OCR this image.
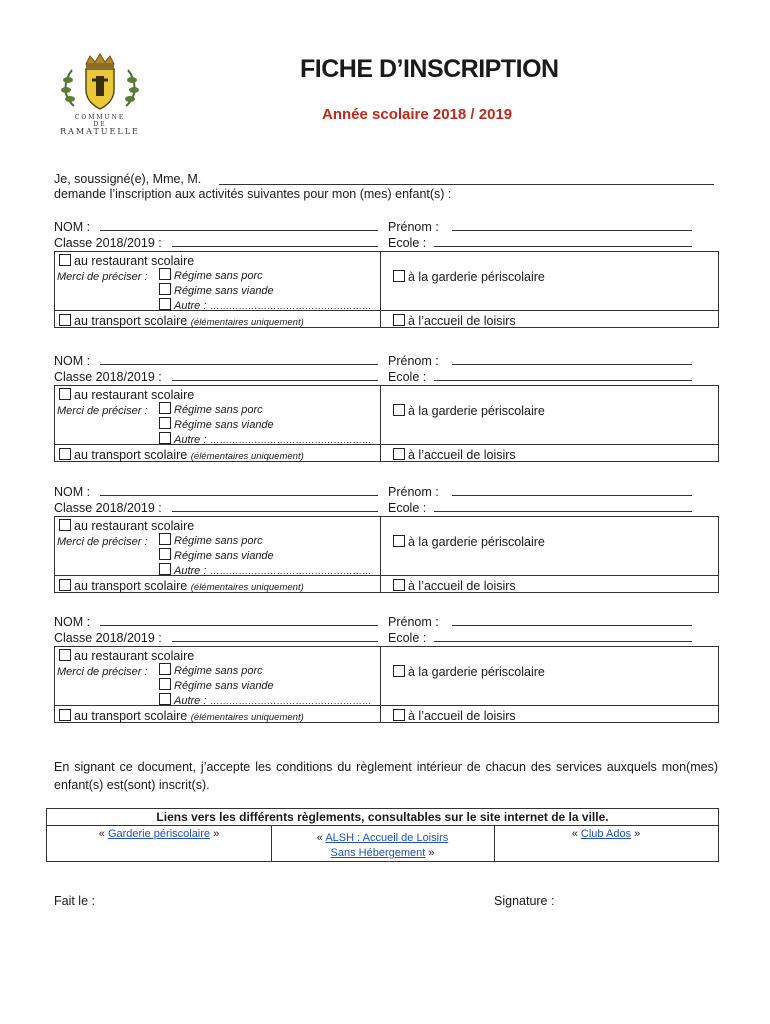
COMMUNE
DE
RAMATUELLE
FICHE D’INSCRIPTION
Année scolaire 2018 / 2019
Je, soussigné(e), Mme, M.
demande l’inscription aux activités suivantes pour mon (mes) enfant(s) :
NOM :	Prénom :
Classe 2018/2019 :	Ecole :
au restaurant scolaire
Merci de préciser :	Régime sans porc
Régime sans viande
Autre : ……………………………………………
à la garderie périscolaire
au transport scolaire (élémentaires uniquement)	à l’accueil de loisirs
NOM :	Prénom :
Classe 2018/2019 :	Ecole :
au restaurant scolaire
Merci de préciser :	Régime sans porc
Régime sans viande
Autre : ……………………………………………
à la garderie périscolaire
au transport scolaire (élémentaires uniquement)	à l’accueil de loisirs
NOM :	Prénom :
Classe 2018/2019 :	Ecole :
au restaurant scolaire
Merci de préciser :	Régime sans porc
Régime sans viande
Autre : ……………………………………………
à la garderie périscolaire
au transport scolaire (élémentaires uniquement)	à l’accueil de loisirs
NOM :	Prénom :
Classe 2018/2019 :	Ecole :
au restaurant scolaire
Merci de préciser :	Régime sans porc
Régime sans viande
Autre : ……………………………………………
à la garderie périscolaire
au transport scolaire (élémentaires uniquement)	à l’accueil de loisirs
En signant ce document, j’accepte les conditions du règlement intérieur de chacun des services auxquels mon(mes) enfant(s) est(sont) inscrit(s).
Liens vers les différents règlements, consultables sur le site internet de la ville.
« Garderie périscolaire »	« ALSH : Accueil de Loisirs
Sans Hébergement »
« Club Ados »
Fait le :	Signature :
